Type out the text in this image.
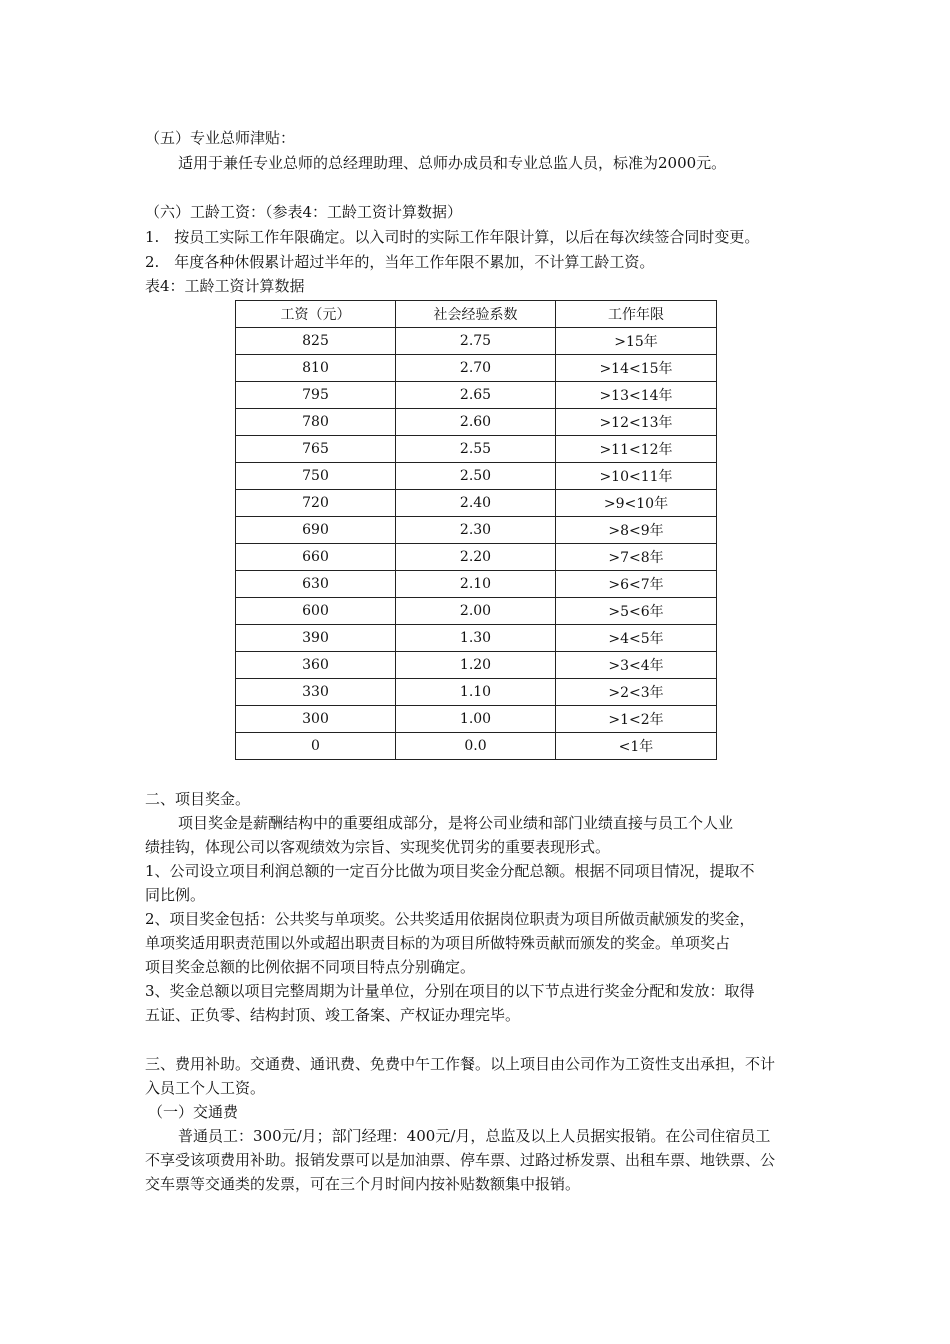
（五）专业总师津贴：
适用于兼任专业总师的总经理助理、总师办成员和专业总监人员，标准为2000元。
（六）工龄工资：（参表4：工龄工资计算数据）
1.　按员工实际工作年限确定。以入司时的实际工作年限计算，以后在每次续签合同时变更。
2.　年度各种休假累计超过半年的，当年工作年限不累加，不计算工龄工资。
表4：工龄工资计算数据
工资（元）	社会经验系数	工作年限
825	2.75	>15年
810	2.70	>14<15年
795	2.65	>13<14年
780	2.60	>12<13年
765	2.55	>11<12年
750	2.50	>10<11年
720	2.40	>9<10年
690	2.30	>8<9年
660	2.20	>7<8年
630	2.10	>6<7年
600	2.00	>5<6年
390	1.30	>4<5年
360	1.20	>3<4年
330	1.10	>2<3年
300	1.00	>1<2年
0	0.0	<1年
二、项目奖金。
项目奖金是薪酬结构中的重要组成部分，是将公司业绩和部门业绩直接与员工个人业
绩挂钩，体现公司以客观绩效为宗旨、实现奖优罚劣的重要表现形式。
1、公司设立项目利润总额的一定百分比做为项目奖金分配总额。根据不同项目情况，提取不
同比例。
2、项目奖金包括：公共奖与单项奖。公共奖适用依据岗位职责为项目所做贡献颁发的奖金，
单项奖适用职责范围以外或超出职责目标的为项目所做特殊贡献而颁发的奖金。单项奖占
项目奖金总额的比例依据不同项目特点分别确定。
3、奖金总额以项目完整周期为计量单位，分别在项目的以下节点进行奖金分配和发放：取得
五证、正负零、结构封顶、竣工备案、产权证办理完毕。
三、费用补助。交通费、通讯费、免费中午工作餐。以上项目由公司作为工资性支出承担，不计
入员工个人工资。
（一）交通费
普通员工：300元/月；部门经理：400元/月，总监及以上人员据实报销。在公司住宿员工
不享受该项费用补助。报销发票可以是加油票、停车票、过路过桥发票、出租车票、地铁票、公
交车票等交通类的发票，可在三个月时间内按补贴数额集中报销。
